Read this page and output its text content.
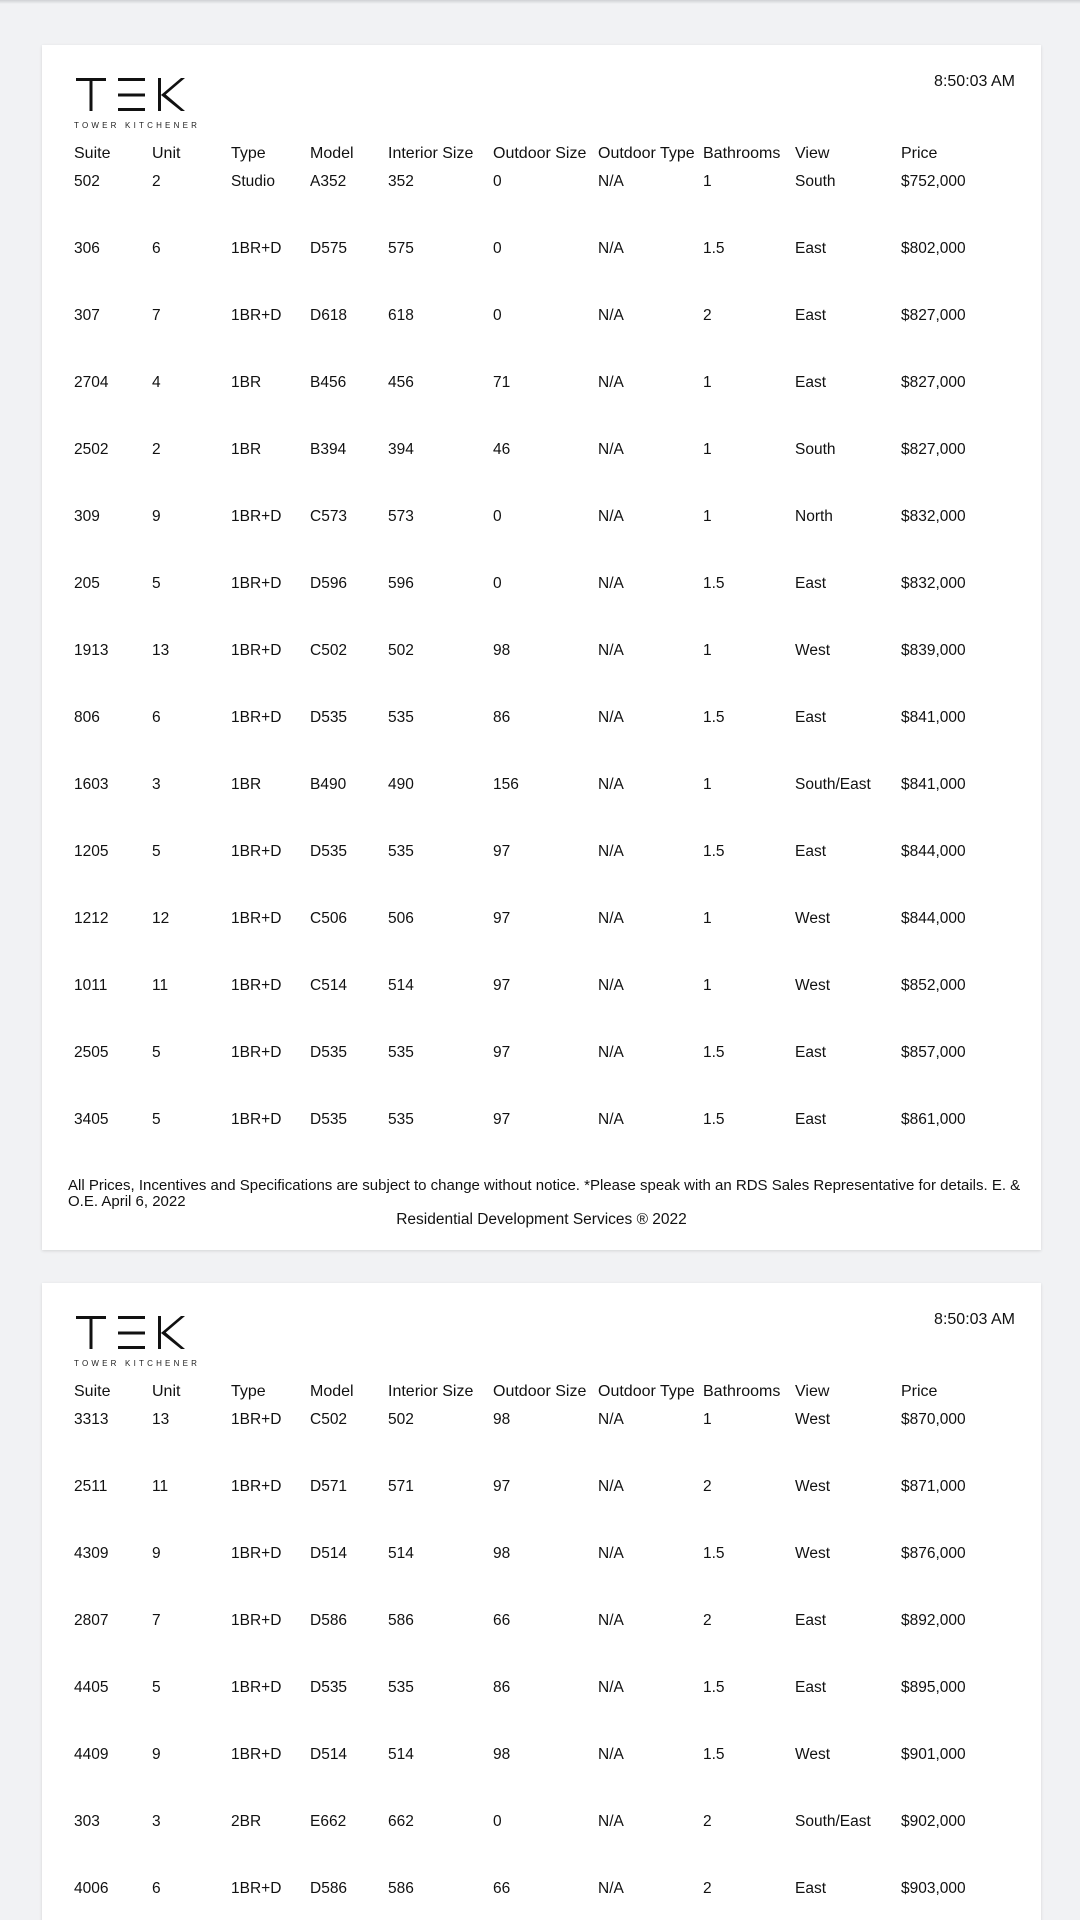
TOWER KITCHENER
8:50:03 AM
Suite	Unit	Type	Model	Interior Size	Outdoor Size	Outdoor Type	Bathrooms	View	Price
502	2	Studio	A352	352	0	N/A	1	South	$752,000
306	6	1BR+D	D575	575	0	N/A	1.5	East	$802,000
307	7	1BR+D	D618	618	0	N/A	2	East	$827,000
2704	4	1BR	B456	456	71	N/A	1	East	$827,000
2502	2	1BR	B394	394	46	N/A	1	South	$827,000
309	9	1BR+D	C573	573	0	N/A	1	North	$832,000
205	5	1BR+D	D596	596	0	N/A	1.5	East	$832,000
1913	13	1BR+D	C502	502	98	N/A	1	West	$839,000
806	6	1BR+D	D535	535	86	N/A	1.5	East	$841,000
1603	3	1BR	B490	490	156	N/A	1	South/East	$841,000
1205	5	1BR+D	D535	535	97	N/A	1.5	East	$844,000
1212	12	1BR+D	C506	506	97	N/A	1	West	$844,000
1011	11	1BR+D	C514	514	97	N/A	1	West	$852,000
2505	5	1BR+D	D535	535	97	N/A	1.5	East	$857,000
3405	5	1BR+D	D535	535	97	N/A	1.5	East	$861,000
All Prices, Incentives and Specifications are subject to change without notice. *Please speak with an RDS Sales Representative for details. E. & O.E. April 6, 2022
Residential Development Services ® 2022
TOWER KITCHENER
8:50:03 AM
Suite	Unit	Type	Model	Interior Size	Outdoor Size	Outdoor Type	Bathrooms	View	Price
3313	13	1BR+D	C502	502	98	N/A	1	West	$870,000
2511	11	1BR+D	D571	571	97	N/A	2	West	$871,000
4309	9	1BR+D	D514	514	98	N/A	1.5	West	$876,000
2807	7	1BR+D	D586	586	66	N/A	2	East	$892,000
4405	5	1BR+D	D535	535	86	N/A	1.5	East	$895,000
4409	9	1BR+D	D514	514	98	N/A	1.5	West	$901,000
303	3	2BR	E662	662	0	N/A	2	South/East	$902,000
4006	6	1BR+D	D586	586	66	N/A	2	East	$903,000
